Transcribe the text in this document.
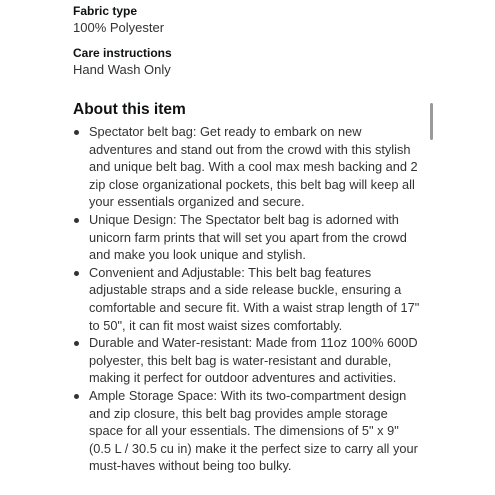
Fabric type
100% Polyester
Care instructions
Hand Wash Only
About this item
Spectator belt bag: Get ready to embark on new adventures and stand out from the crowd with this stylish and unique belt bag. With a cool max mesh backing and 2 zip close organizational pockets, this belt bag will keep all your essentials organized and secure.
Unique Design: The Spectator belt bag is adorned with unicorn farm prints that will set you apart from the crowd and make you look unique and stylish.
Convenient and Adjustable: This belt bag features adjustable straps and a side release buckle, ensuring a comfortable and secure fit. With a waist strap length of 17" to 50", it can fit most waist sizes comfortably.
Durable and Water-resistant: Made from 11oz 100% 600D polyester, this belt bag is water-resistant and durable, making it perfect for outdoor adventures and activities.
Ample Storage Space: With its two-compartment design and zip closure, this belt bag provides ample storage space for all your essentials. The dimensions of 5" x 9" (0.5 L / 30.5 cu in) make it the perfect size to carry all your must-haves without being too bulky.
